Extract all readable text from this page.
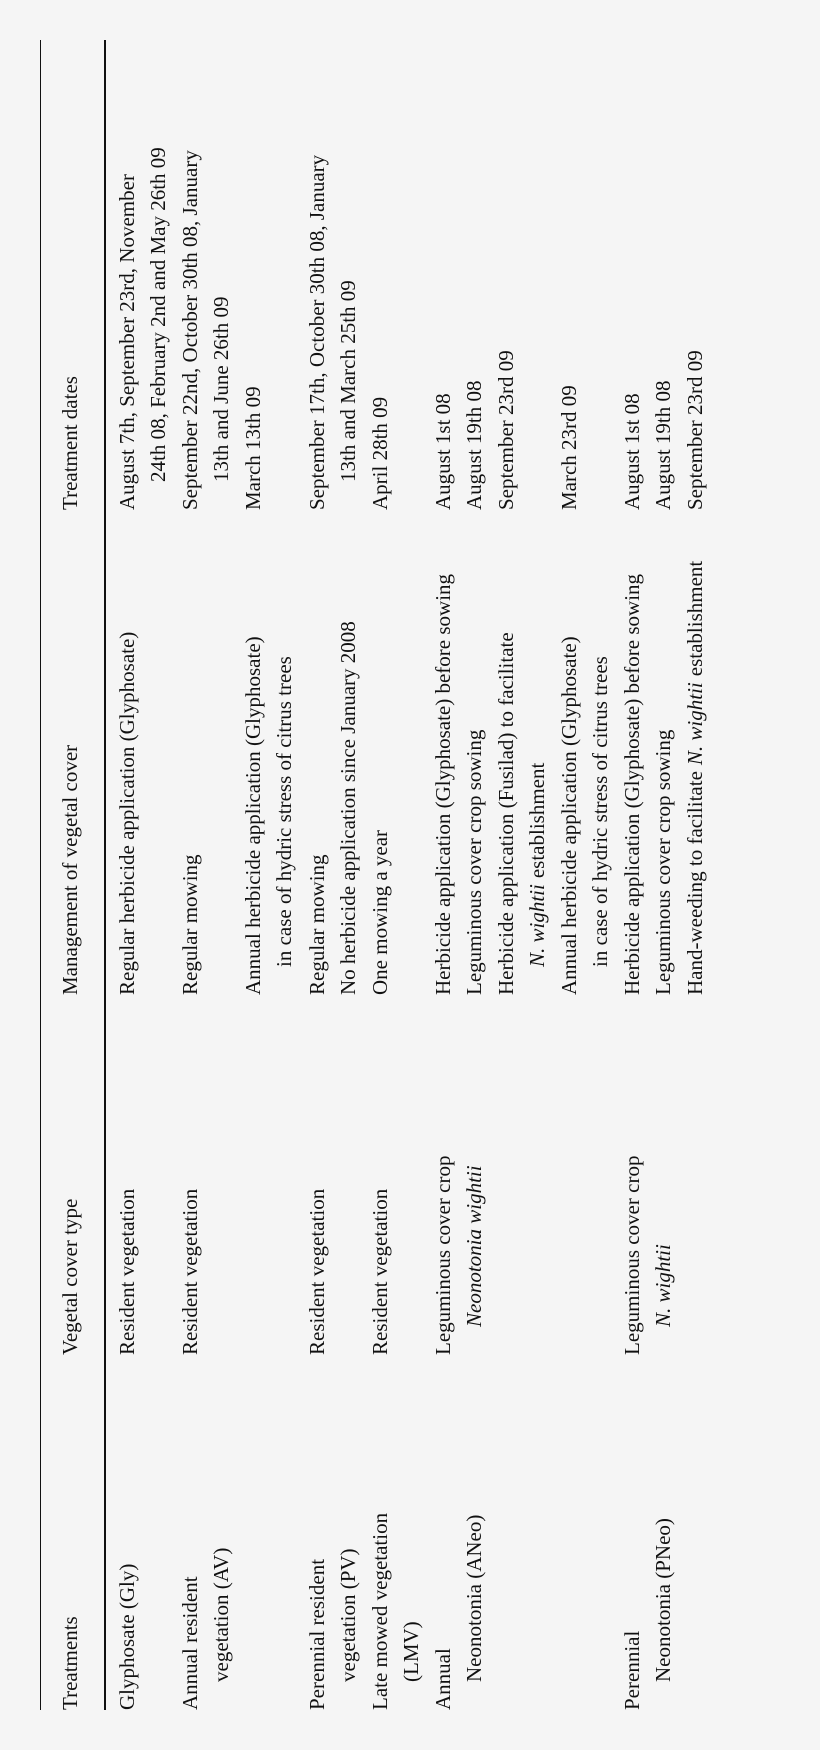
Treatments
Vegetal cover type
Management of vegetal cover
Treatment dates
Glyphosate (Gly)
Resident vegetation
Regular herbicide application (Glyphosate)
August 7th, September 23rd, November 24th 08, February 2nd and May 26th 09
Annual resident vegetation (AV)
Resident vegetation
Regular mowing Annual herbicide application (Glyphosate) in case of hydric stress of citrus trees
September 22nd, October 30th 08, January 13th and June 26th 09 March 13th 09
Perennial resident vegetation (PV)
Resident vegetation
Regular mowing No herbicide application since January 2008
September 17th, October 30th 08, January 13th and March 25th 09
Late mowed vegetation (LMV)
Resident vegetation
One mowing a year
April 28th 09
Annual Neonotonia (ANeo)
Leguminous cover crop Neonotonia wightii
Herbicide application (Glyphosate) before sowing Leguminous cover crop sowing Herbicide application (Fusilad) to facilitate N. wightiiestablishment Annual herbicide application (Glyphosate) in case of hydric stress of citrus trees
August 1st 08 August 19th 08 September 23rd 09 March 23rd 09
Perennial Neonotonia (PNeo)
Leguminous cover crop N. wightii
Herbicide application (Glyphosate) before sowing Leguminous cover crop sowing Hand-weeding to facilitateN. wightiiestablishment
August 1st 08 August 19th 08 September 23rd 09
